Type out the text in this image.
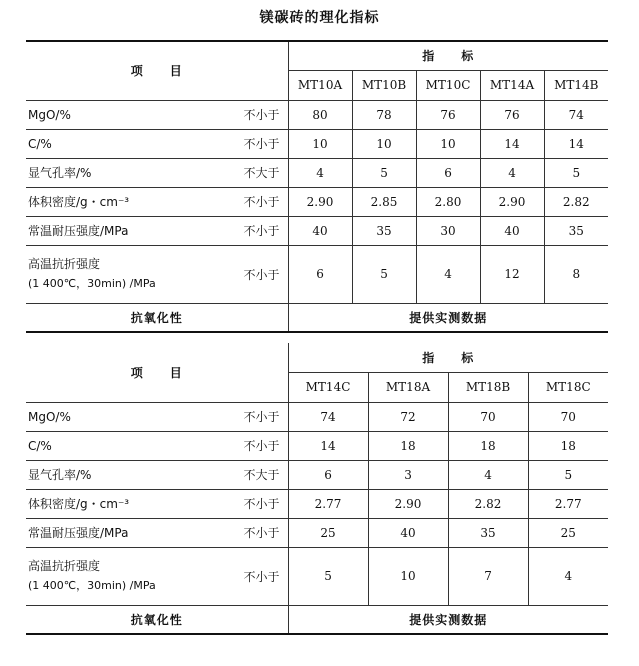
镁碳砖的理化指标
项　　目		指　　标				
		MT10A	MT10B	MT10C	MT14A	MT14B
MgO/%	不小于	80	78	76	76	74
C/%	不小于	10	10	10	14	14
显气孔率/%	不大于	4	5	6	4	5
体积密度/g・cm⁻³	不小于	2.90	2.85	2.80	2.90	2.82
常温耐压强度/MPa	不小于	40	35	30	40	35

高温抗折强度
(1 400℃，30min) /MPa	不小于	6	5	4	12	8
抗氧化性		提供实测数据				
项　　目		指　　标			
		MT14C	MT18A	MT18B	MT18C
MgO/%	不小于	74	72	70	70
C/%	不小于	14	18	18	18
显气孔率/%	不大于	6	3	4	5
体积密度/g・cm⁻³	不小于	2.77	2.90	2.82	2.77
常温耐压强度/MPa	不小于	25	40	35	25

高温抗折强度
(1 400℃，30min) /MPa	不小于	5	10	7	4
抗氧化性		提供实测数据			
